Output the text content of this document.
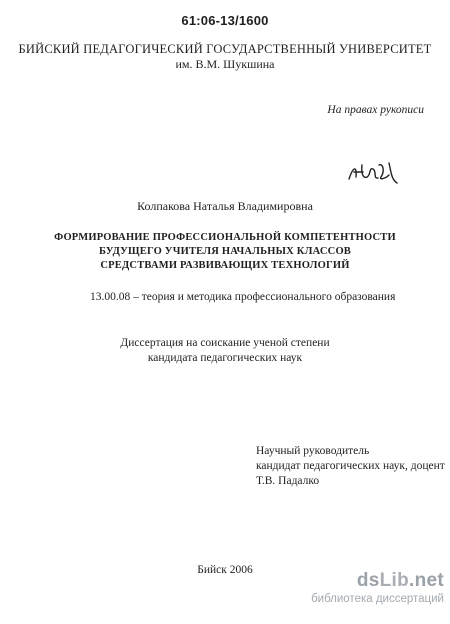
61:06-13/1600
БИЙСКИЙ ПЕДАГОГИЧЕСКИЙ ГОСУДАРСТВЕННЫЙ УНИВЕРСИТЕТ
им. В.М. Шукшина
На правах рукописи
Колпакова Наталья Владимировна
ФОРМИРОВАНИЕ ПРОФЕССИОНАЛЬНОЙ КОМПЕТЕНТНОСТИ
БУДУЩЕГО УЧИТЕЛЯ НАЧАЛЬНЫХ КЛАССОВ
СРЕДСТВАМИ РАЗВИВАЮЩИХ ТЕХНОЛОГИЙ
13.00.08 – теория и методика профессионального образования
Диссертация на соискание ученой степени
кандидата педагогических наук
Научный руководитель
кандидат педагогических наук, доцент
Т.В. Падалко
Бийск 2006	dsLib.net
библиотека диссертаций
